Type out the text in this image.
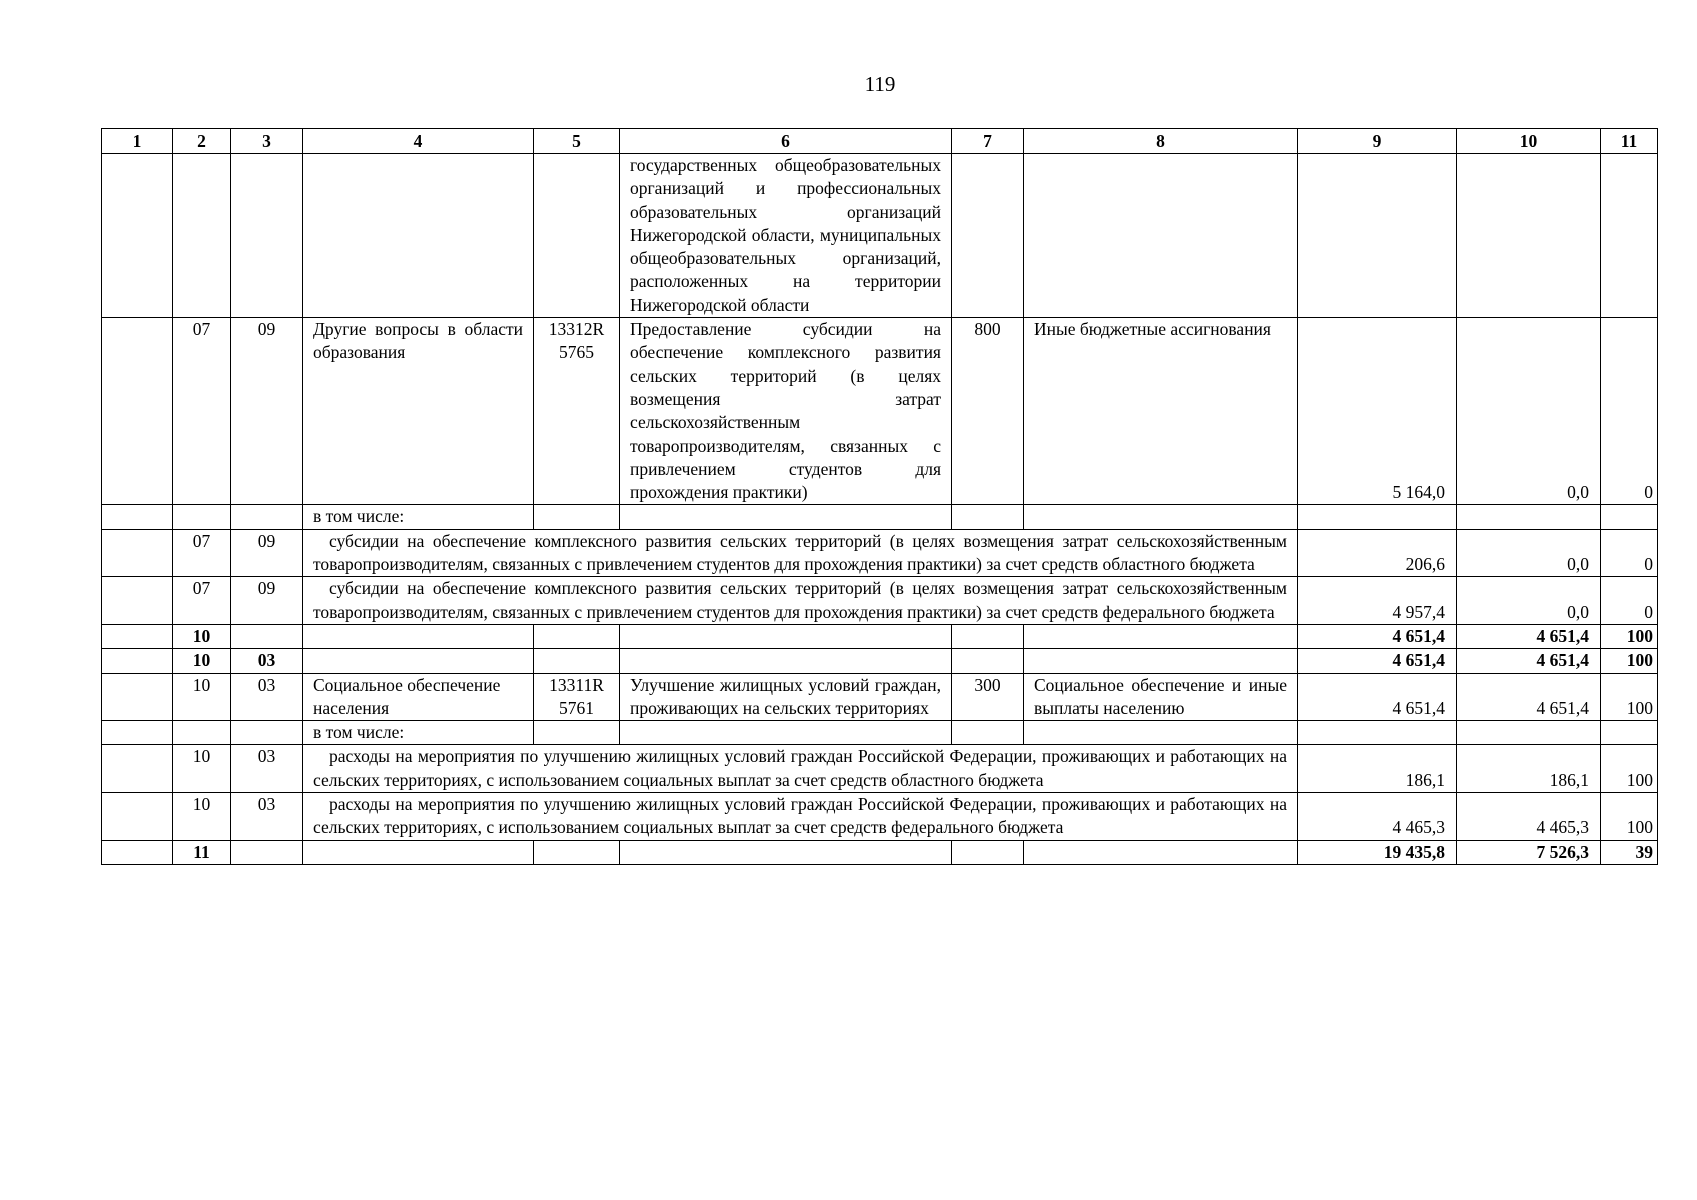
119
1	2	3	4	5	6	7	8	9	10	11
					государственных общеобразовательных организаций и профессиональных образовательных организаций Нижегородской области, муниципальных общеобразовательных организаций, расположенных на территории Нижегородской области					
	07	09	Другие вопросы в области образования	13312R 5765	Предоставление субсидии на обеспечение комплексного развития сельских территорий (в целях возмещения затрат сельскохозяйственным товаропроизводителям, связанных с привлечением студентов для прохождения практики)	800	Иные бюджетные ассигнования	5 164,0	0,0	0
			в том числе:							
	07	09	субсидии на обеспечение комплексного развития сельских территорий (в целях возмещения затрат сельскохозяйственным товаропроизводителям, связанных с привлечением студентов для прохождения практики) за счет средств областного бюджета					206,6	0,0	0
	07	09	субсидии на обеспечение комплексного развития сельских территорий (в целях возмещения затрат сельскохозяйственным товаропроизводителям, связанных с привлечением студентов для прохождения практики) за счет средств федерального бюджета					4 957,4	0,0	0
	10							4 651,4	4 651,4	100
	10	03						4 651,4	4 651,4	100
	10	03	Социальное обеспечение населения	13311R 5761	Улучшение жилищных условий граждан, проживающих на сельских территориях	300	Социальное обеспечение и иные выплаты населению	4 651,4	4 651,4	100
			в том числе:							
	10	03	расходы на мероприятия по улучшению жилищных условий граждан Российской Федерации, проживающих и работающих на сельских территориях, с использованием социальных выплат за счет средств областного бюджета					186,1	186,1	100
	10	03	расходы на мероприятия по улучшению жилищных условий граждан Российской Федерации, проживающих и работающих на сельских территориях, с использованием социальных выплат за счет средств федерального бюджета					4 465,3	4 465,3	100
	11							19 435,8	7 526,3	39
